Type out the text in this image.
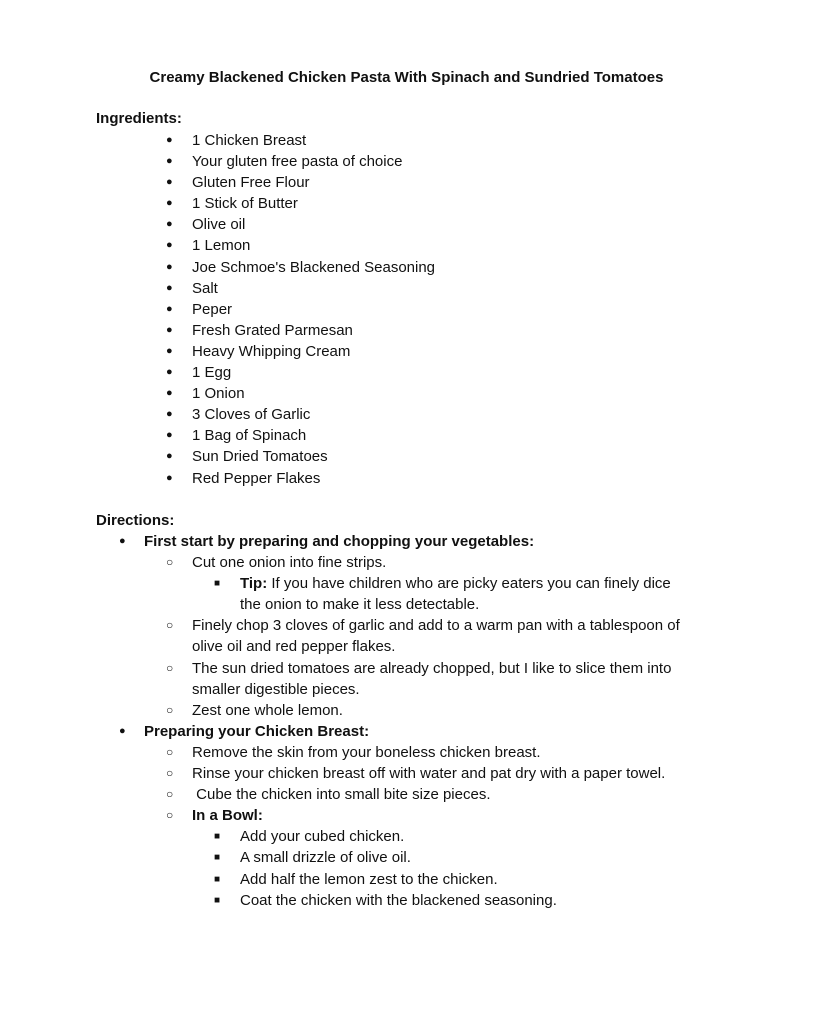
Creamy Blackened Chicken Pasta With Spinach and Sundried Tomatoes
Ingredients:
● 1 Chicken Breast
● Your gluten free pasta of choice
● Gluten Free Flour
● 1 Stick of Butter
● Olive oil
● 1 Lemon
● Joe Schmoe's Blackened Seasoning
● Salt
● Peper
● Fresh Grated Parmesan
● Heavy Whipping Cream
● 1 Egg
● 1 Onion
● 3 Cloves of Garlic
● 1 Bag of Spinach
● Sun Dried Tomatoes
● Red Pepper Flakes
Directions:
● First start by preparing and chopping your vegetables:
○ Cut one onion into fine strips.
■ Tip: If you have children who are picky eaters you can finely dice
the onion to make it less detectable.
○ Finely chop 3 cloves of garlic and add to a warm pan with a tablespoon of
olive oil and red pepper flakes.
○ The sun dried tomatoes are already chopped, but I like to slice them into
smaller digestible pieces.
○ Zest one whole lemon.
● Preparing your Chicken Breast:
○ Remove the skin from your boneless chicken breast.
○ Rinse your chicken breast off with water and pat dry with a paper towel.
○ Cube the chicken into small bite size pieces.
○ In a Bowl:
■ Add your cubed chicken.
■ A small drizzle of olive oil.
■ Add half the lemon zest to the chicken.
■ Coat the chicken with the blackened seasoning.
